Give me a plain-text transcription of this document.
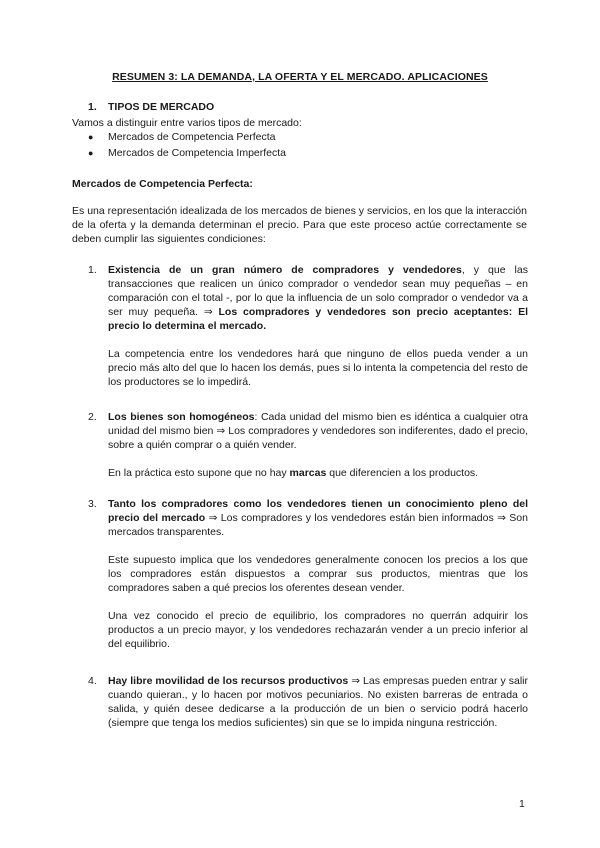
RESUMEN 3: LA DEMANDA, LA OFERTA Y EL MERCADO. APLICACIONES
1. TIPOS DE MERCADO
Vamos a distinguir entre varios tipos de mercado:
● Mercados de Competencia Perfecta
● Mercados de Competencia Imperfecta
Mercados de Competencia Perfecta:
Es una representación idealizada de los mercados de bienes y servicios, en los que la interacción de la oferta y la demanda determinan el precio. Para que este proceso actúe correctamente se deben cumplir las siguientes condiciones:
1.	Existencia de un gran número de compradores y vendedores, y que las transacciones que realicen un único comprador o vendedor sean muy pequeñas – en comparación con el total -, por lo que la influencia de un solo comprador o vendedor va a ser muy pequeña. ⇒ Los compradores y vendedores son precio aceptantes: El precio lo determina el mercado.
La competencia entre los vendedores hará que ninguno de ellos pueda vender a un precio más alto del que lo hacen los demás, pues si lo intenta la competencia del resto de los productores se lo impedirá.
2.	Los bienes son homogéneos: Cada unidad del mismo bien es idéntica a cualquier otra unidad del mismo bien ⇒ Los compradores y vendedores son indiferentes, dado el precio, sobre a quién comprar o a quién vender.
En la práctica esto supone que no hay marcas que diferencien a los productos.
3.	Tanto los compradores como los vendedores tienen un conocimiento pleno del precio del mercado ⇒ Los compradores y los vendedores están bien informados ⇒ Son mercados transparentes.
Este supuesto implica que los vendedores generalmente conocen los precios a los que los compradores están dispuestos a comprar sus productos, mientras que los compradores saben a qué precios los oferentes desean vender.
Una vez conocido el precio de equilibrio, los compradores no querrán adquirir los productos a un precio mayor, y los vendedores rechazarán vender a un precio inferior al del equilibrio.
4.	Hay libre movilidad de los recursos productivos ⇒ Las empresas pueden entrar y salir cuando quieran., y lo hacen por motivos pecuniarios. No existen barreras de entrada o salida, y quién desee dedicarse a la producción de un bien o servicio podrá hacerlo (siempre que tenga los medios suficientes) sin que se lo impida ninguna restricción.
1
